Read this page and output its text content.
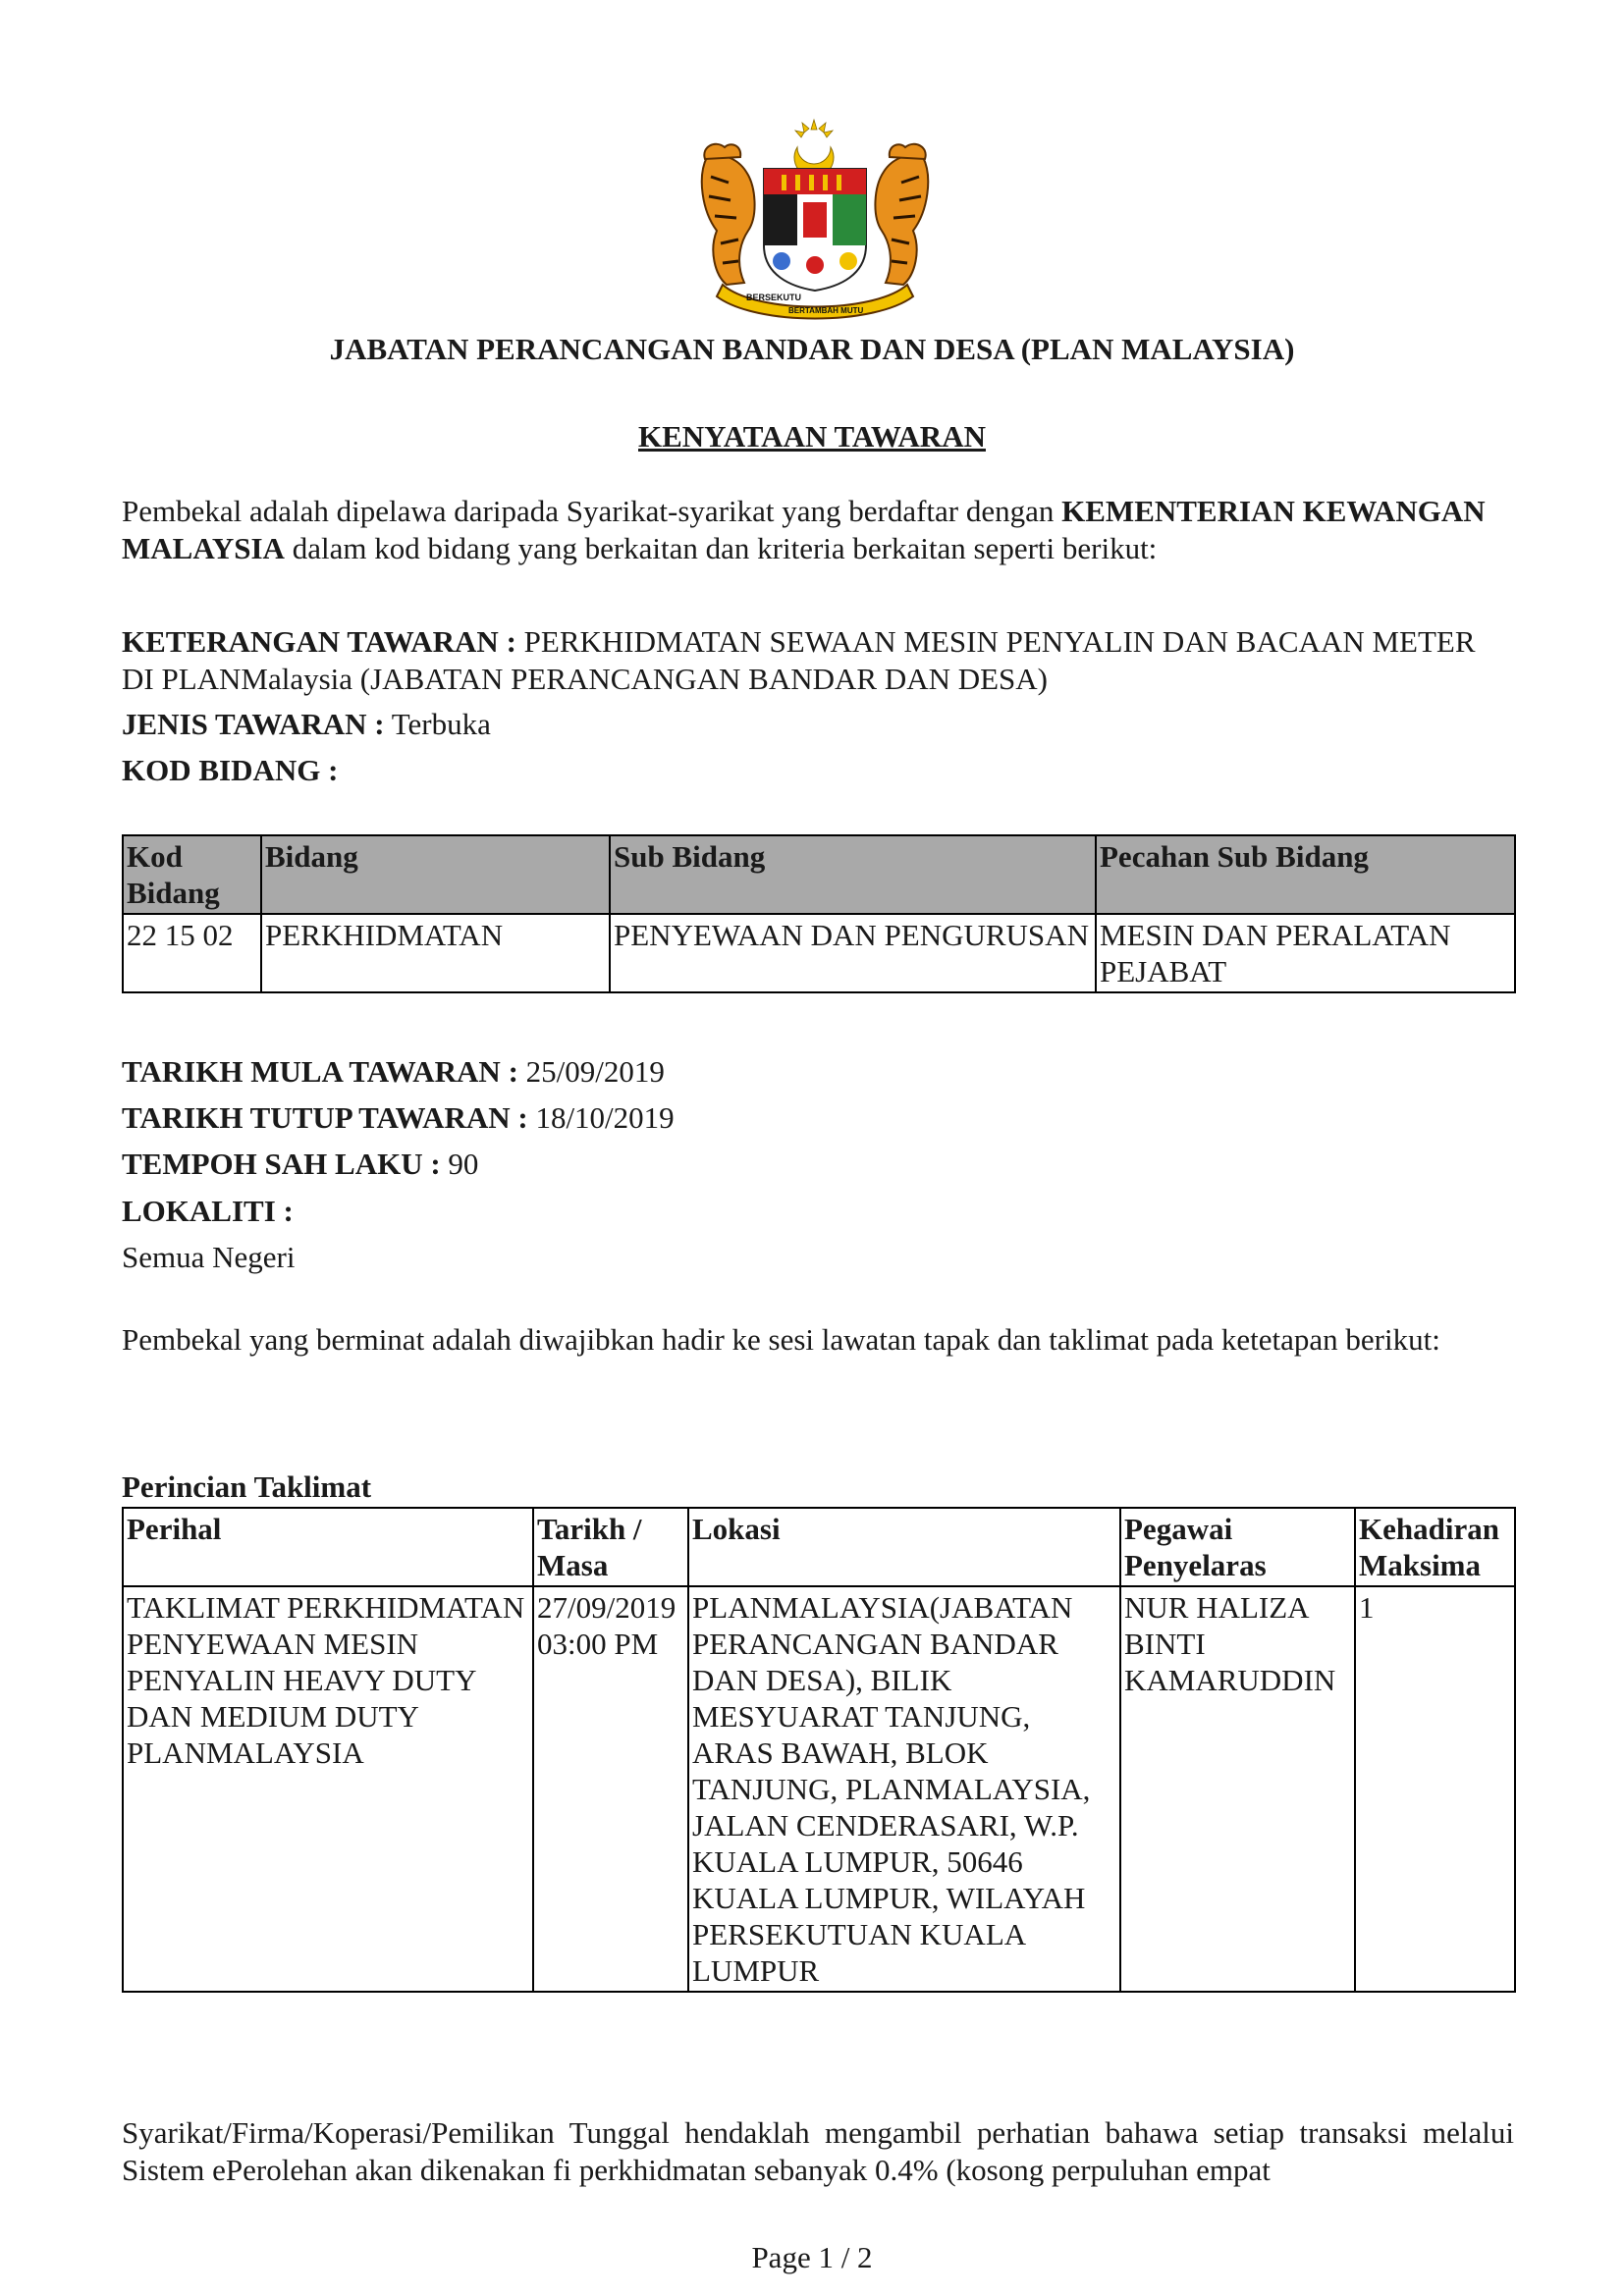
BERSEKUTU
BERTAMBAH MUTU
JABATAN PERANCANGAN BANDAR DAN DESA (PLAN MALAYSIA)
KENYATAAN TAWARAN
Pembekal adalah dipelawa daripada Syarikat-syarikat yang berdaftar dengan KEMENTERIAN KEWANGAN MALAYSIA dalam kod bidang yang berkaitan dan kriteria berkaitan seperti berikut:
KETERANGAN TAWARAN : PERKHIDMATAN SEWAAN MESIN PENYALIN DAN BACAAN METER DI PLANMalaysia (JABATAN PERANCANGAN BANDAR DAN DESA)
JENIS TAWARAN : Terbuka
KOD BIDANG :
Kod Bidang	Bidang	Sub Bidang	Pecahan Sub Bidang
22 15 02	PERKHIDMATAN	PENYEWAAN DAN PENGURUSAN	MESIN DAN PERALATAN PEJABAT
TARIKH MULA TAWARAN : 25/09/2019
TARIKH TUTUP TAWARAN : 18/10/2019
TEMPOH SAH LAKU : 90
LOKALITI :
Semua Negeri
Pembekal yang berminat adalah diwajibkan hadir ke sesi lawatan tapak dan taklimat pada ketetapan berikut:
Perincian Taklimat
Perihal	Tarikh / Masa	Lokasi	Pegawai Penyelaras	Kehadiran Maksima
TAKLIMAT PERKHIDMATAN PENYEWAAN MESIN PENYALIN HEAVY DUTY DAN MEDIUM DUTY PLANMALAYSIA	27/09/2019 03:00 PM	PLANMALAYSIA(JABATAN PERANCANGAN BANDAR DAN DESA), BILIK MESYUARAT TANJUNG, ARAS BAWAH, BLOK TANJUNG, PLANMALAYSIA, JALAN CENDERASARI, W.P. KUALA LUMPUR, 50646 KUALA LUMPUR, WILAYAH PERSEKUTUAN KUALA LUMPUR	NUR HALIZA BINTI KAMARUDDIN	1
Syarikat/Firma/Koperasi/Pemilikan Tunggal hendaklah mengambil perhatian bahawa setiap transaksi melalui Sistem ePerolehan akan dikenakan fi perkhidmatan sebanyak 0.4% (kosong perpuluhan empat
Page 1 / 2
